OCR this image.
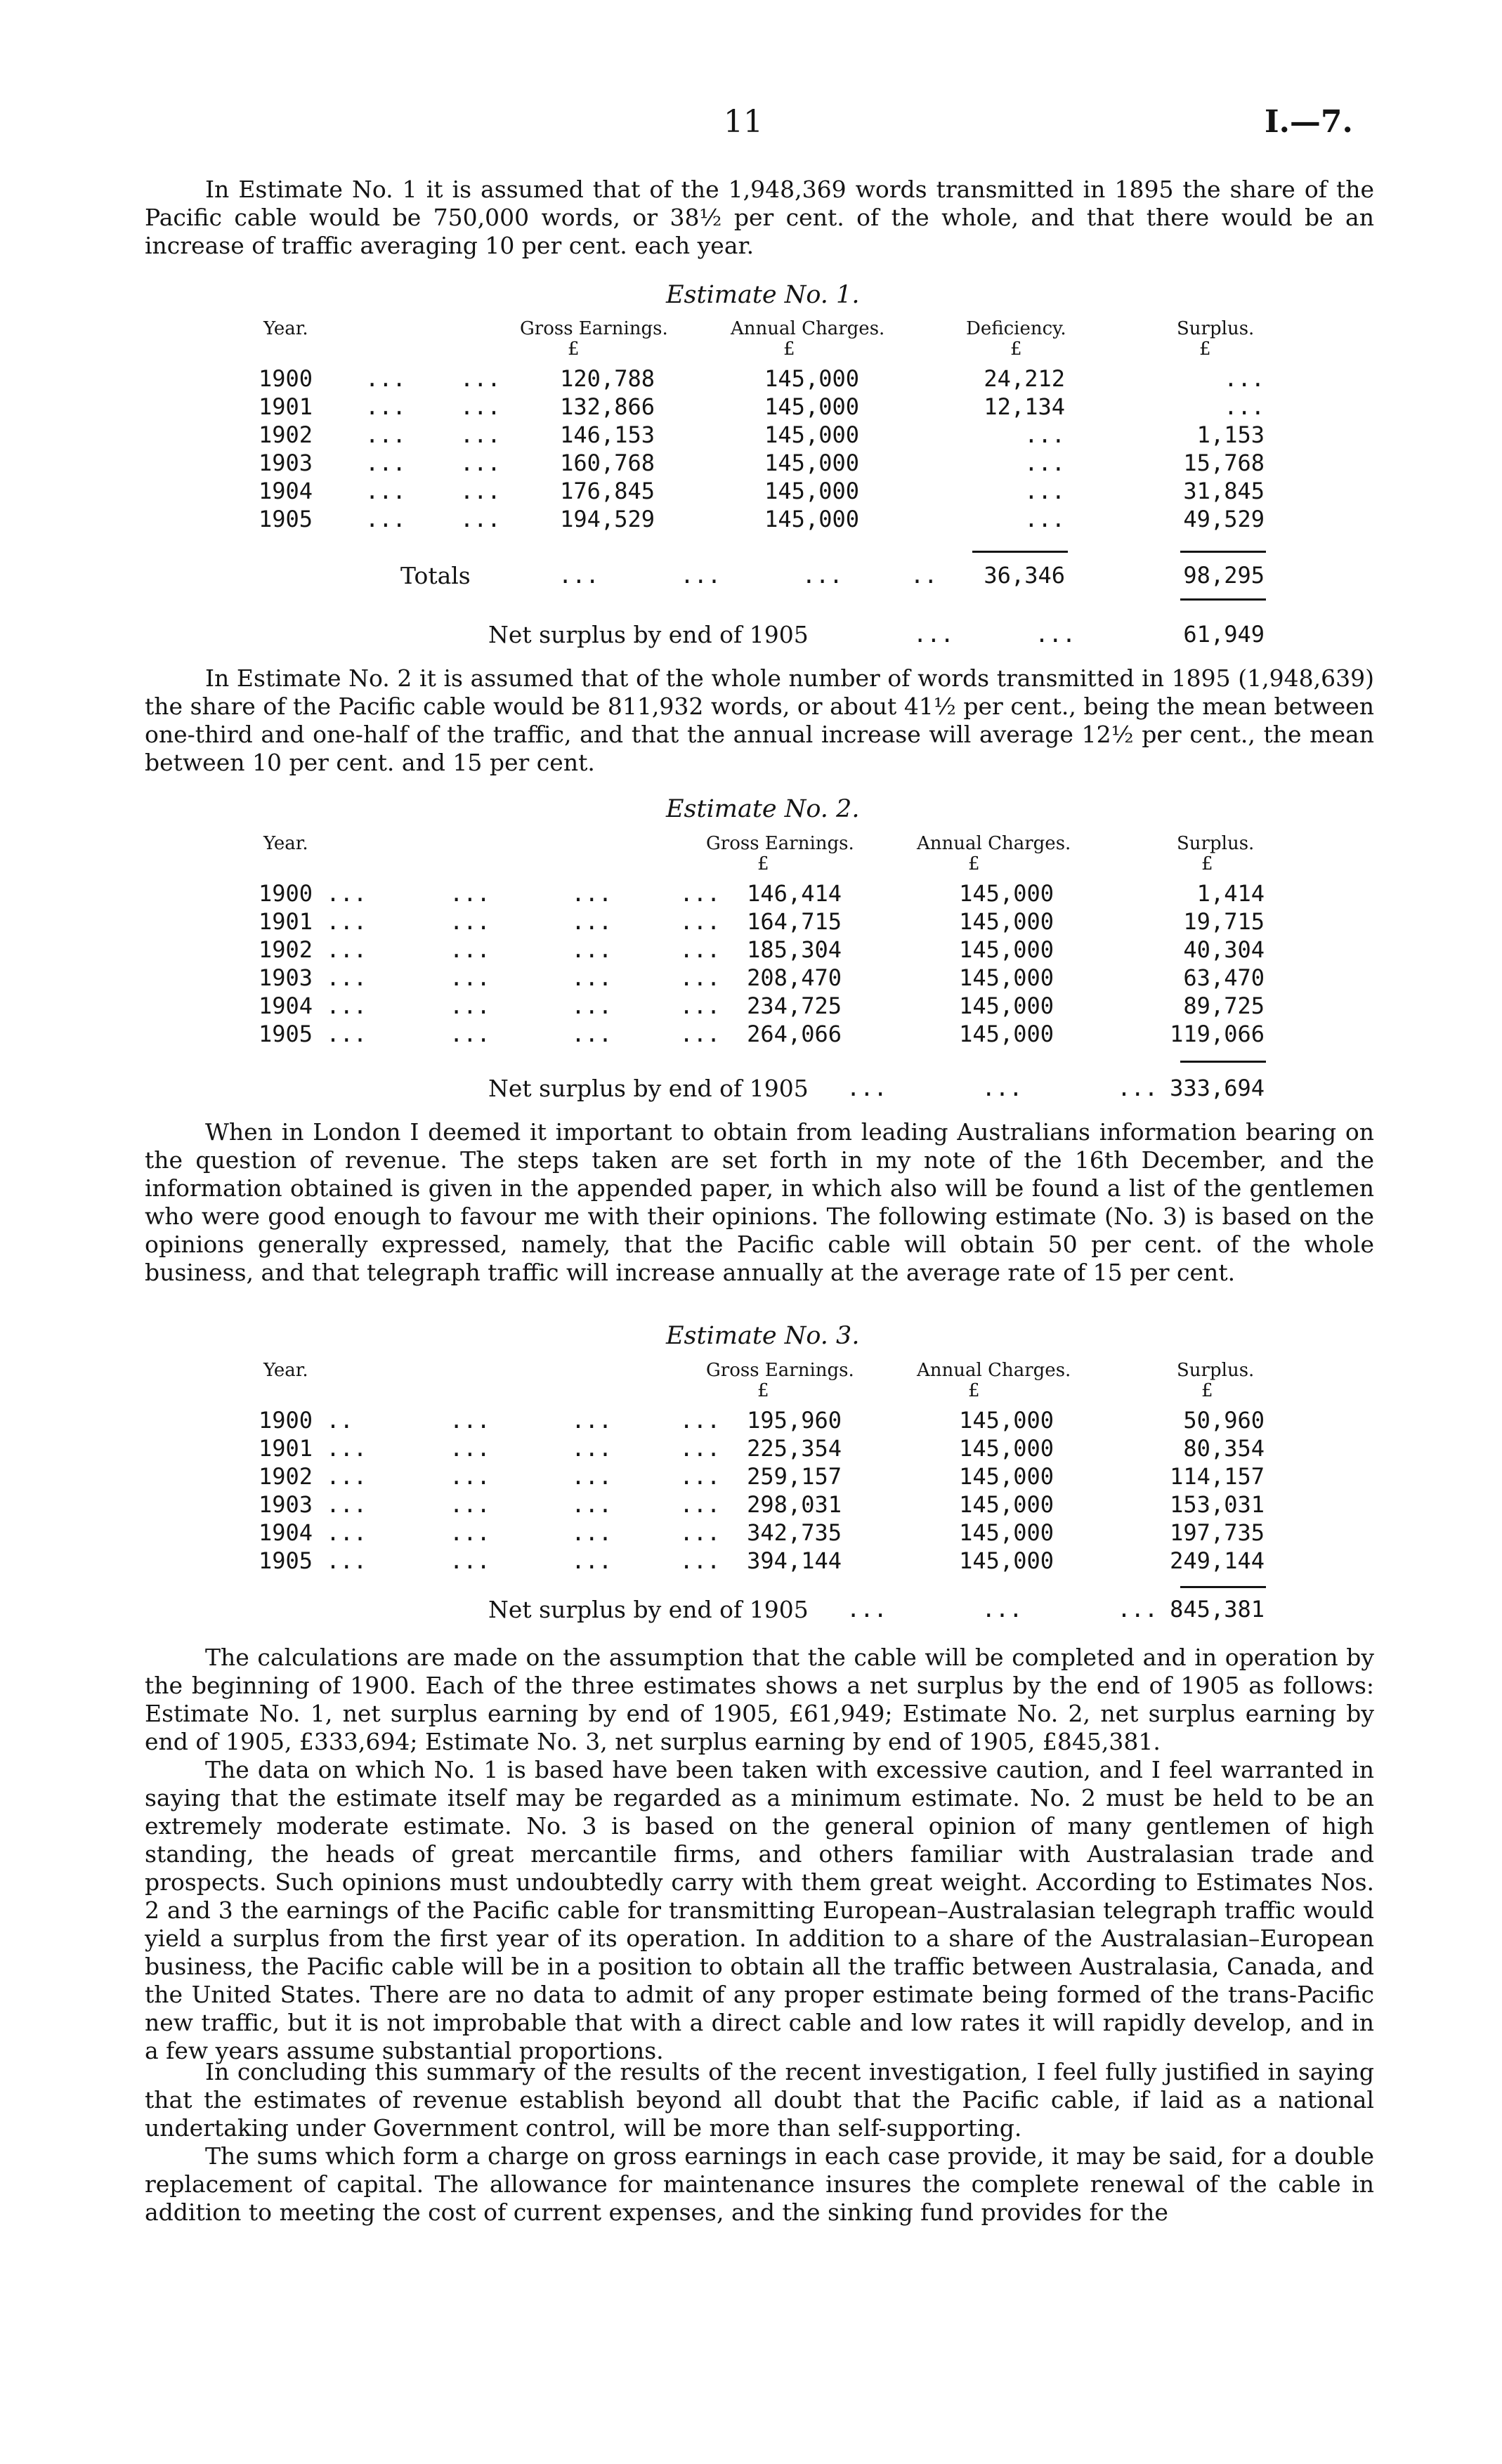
11	I.—7.

In Estimate No. 1 it is assumed that of the 1,948,369 words transmitted in 1895 the share of the Pacific cable would be 750,000 words, or 38½ per cent. of the whole, and that there would be an increase of traffic averaging 10 per cent. each year.

Estimate No. 1.
Year.	Gross Earnings.	Annual Charges.	Deficiency.	Surplus.
£	£	£	£
1900 ...    ...	120,788	145,000	24,212	...
1901 ...    ...	132,866	145,000	12,134	...
1902 ...    ...	146,153	145,000	...	1,153
1903 ...    ...	160,768	145,000	...	15,768
1904 ...    ...	176,845	145,000	...	31,845
1905 ...    ...	194,529	145,000	...	49,529
Totals	...      ...      ...     .. 36,346	98,295
Net surplus by end of 1905	...      ...	61,949

In Estimate No. 2 it is assumed that of the whole number of words transmitted in 1895 (1,948,639) the share of the Pacific cable would be 811,932 words, or about 41½ per cent., being the mean between one-third and one-half of the traffic, and that the annual increase will average 12½ per cent., the mean between 10 per cent. and 15 per cent.

Estimate No. 2.
Year.	Gross Earnings.	Annual Charges.	Surplus.
£	£	£
1900 ...	...      ...     ... 146,414	145,000	1,414
1901 ...	...      ...     ... 164,715	145,000	19,715
1902 ...	...      ...     ... 185,304	145,000	40,304
1903 ...	...      ...     ... 208,470	145,000	63,470
1904 ...	...      ...     ... 234,725	145,000	89,725
1905 ...	...      ...     ... 264,066	145,000	119,066
Net surplus by end of 1905 ...       ...       ... 333,694

When in London I deemed it important to obtain from leading Australians information bearing on the question of revenue. The steps taken are set forth in my note of the 16th December, and the information obtained is given in the appended paper, in which also will be found a list of the gentlemen who were good enough to favour me with their opinions. The following estimate (No. 3) is based on the opinions generally expressed, namely, that the Pacific cable will obtain 50 per cent. of the whole business, and that telegraph traffic will increase annually at the average rate of 15 per cent.

Estimate No. 3.
Year.	Gross Earnings.	Annual Charges.	Surplus.
£	£	£
1900 ..	...      ...     ... 195,960	145,000	50,960
1901 ...	...      ...     ... 225,354	145,000	80,354
1902 ...	...      ...     ... 259,157	145,000	114,157
1903 ...	...      ...     ... 298,031	145,000	153,031
1904 ...	...      ...     ... 342,735	145,000	197,735
1905 ...	...      ...     ... 394,144	145,000	249,144
Net surplus by end of 1905 ...       ...       ... 845,381

The calculations are made on the assumption that the cable will be completed and in operation by the beginning of 1900. Each of the three estimates shows a net surplus by the end of 1905 as follows: Estimate No. 1, net surplus earning by end of 1905, £61,949; Estimate No. 2, net surplus earning by end of 1905, £333,694; Estimate No. 3, net surplus earning by end of 1905, £845,381.

The data on which No. 1 is based have been taken with excessive caution, and I feel warranted in saying that the estimate itself may be regarded as a minimum estimate. No. 2 must be held to be an extremely moderate estimate. No. 3 is based on the general opinion of many gentlemen of high standing, the heads of great mercantile firms, and others familiar with Australasian trade and prospects. Such opinions must undoubtedly carry with them great weight. According to Estimates Nos. 2 and 3 the earnings of the Pacific cable for transmitting European–Australasian telegraph traffic would yield a surplus from the first year of its operation. In addition to a share of the Australasian–European business, the Pacific cable will be in a position to obtain all the traffic between Australasia, Canada, and the United States. There are no data to admit of any proper estimate being formed of the trans-Pacific new traffic, but it is not improbable that with a direct cable and low rates it will rapidly develop, and in a few years assume substantial proportions.

In concluding this summary of the results of the recent investigation, I feel fully justified in saying that the estimates of revenue establish beyond all doubt that the Pacific cable, if laid as a national undertaking under Government control, will be more than self-supporting.

The sums which form a charge on gross earnings in each case provide, it may be said, for a double replacement of capital. The allowance for maintenance insures the complete renewal of the cable in addition to meeting the cost of current expenses, and the sinking fund provides for the
